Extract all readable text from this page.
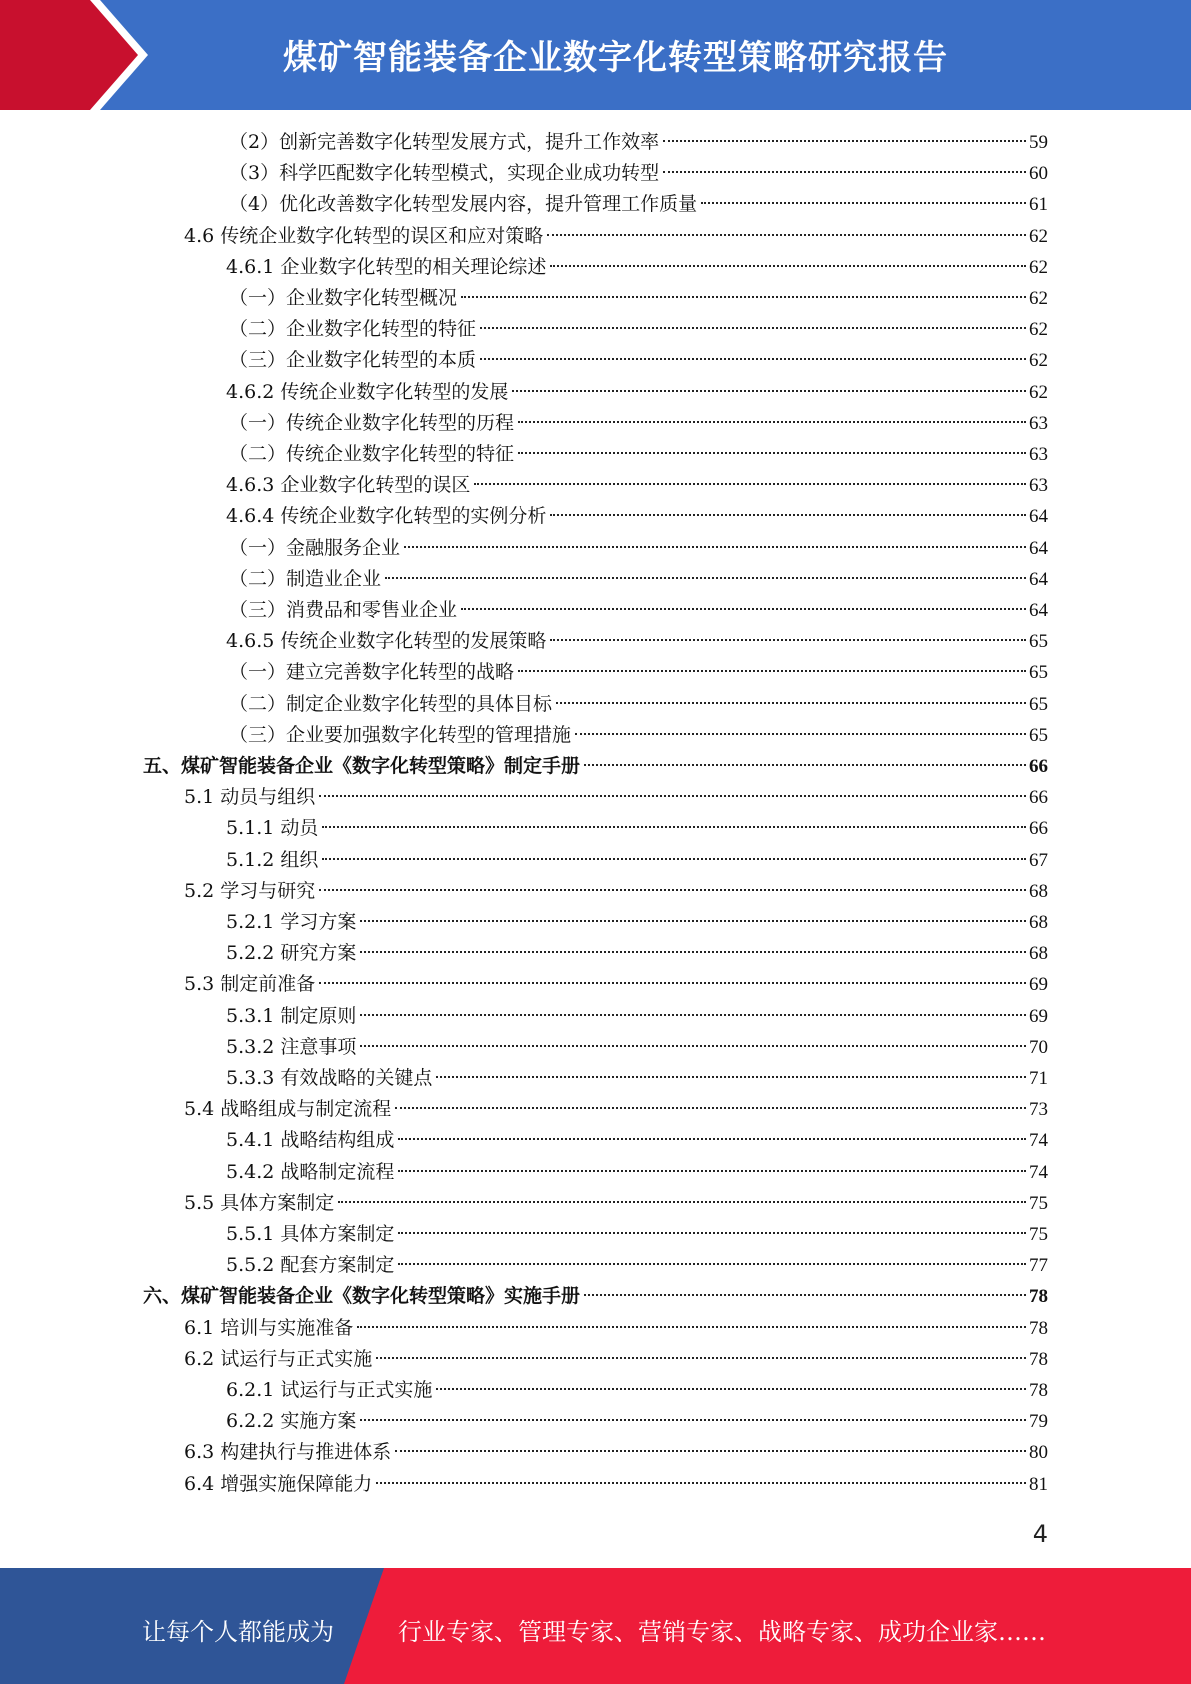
煤矿智能装备企业数字化转型策略研究报告
（2）创新完善数字化转型发展方式，提升工作效率	59
（3）科学匹配数字化转型模式，实现企业成功转型	60
（4）优化改善数字化转型发展内容，提升管理工作质量	61
4.6 传统企业数字化转型的误区和应对策略	62
4.6.1 企业数字化转型的相关理论综述	62
（一）企业数字化转型概况	62
（二）企业数字化转型的特征	62
（三）企业数字化转型的本质	62
4.6.2 传统企业数字化转型的发展	62
（一）传统企业数字化转型的历程	63
（二）传统企业数字化转型的特征	63
4.6.3 企业数字化转型的误区	63
4.6.4 传统企业数字化转型的实例分析	64
（一）金融服务企业	64
（二）制造业企业	64
（三）消费品和零售业企业	64
4.6.5 传统企业数字化转型的发展策略	65
（一）建立完善数字化转型的战略	65
（二）制定企业数字化转型的具体目标	65
（三）企业要加强数字化转型的管理措施	65
五、煤矿智能装备企业《数字化转型策略》制定手册	66
5.1 动员与组织	66
5.1.1 动员	66
5.1.2 组织	67
5.2 学习与研究	68
5.2.1 学习方案	68
5.2.2 研究方案	68
5.3 制定前准备	69
5.3.1 制定原则	69
5.3.2 注意事项	70
5.3.3 有效战略的关键点	71
5.4 战略组成与制定流程	73
5.4.1 战略结构组成	74
5.4.2 战略制定流程	74
5.5 具体方案制定	75
5.5.1 具体方案制定	75
5.5.2 配套方案制定	77
六、煤矿智能装备企业《数字化转型策略》实施手册	78
6.1 培训与实施准备	78
6.2 试运行与正式实施	78
6.2.1 试运行与正式实施	78
6.2.2 实施方案	79
6.3 构建执行与推进体系	80
6.4 增强实施保障能力	81
4
让每个人都能成为	行业专家、管理专家、营销专家、战略专家、成功企业家……
